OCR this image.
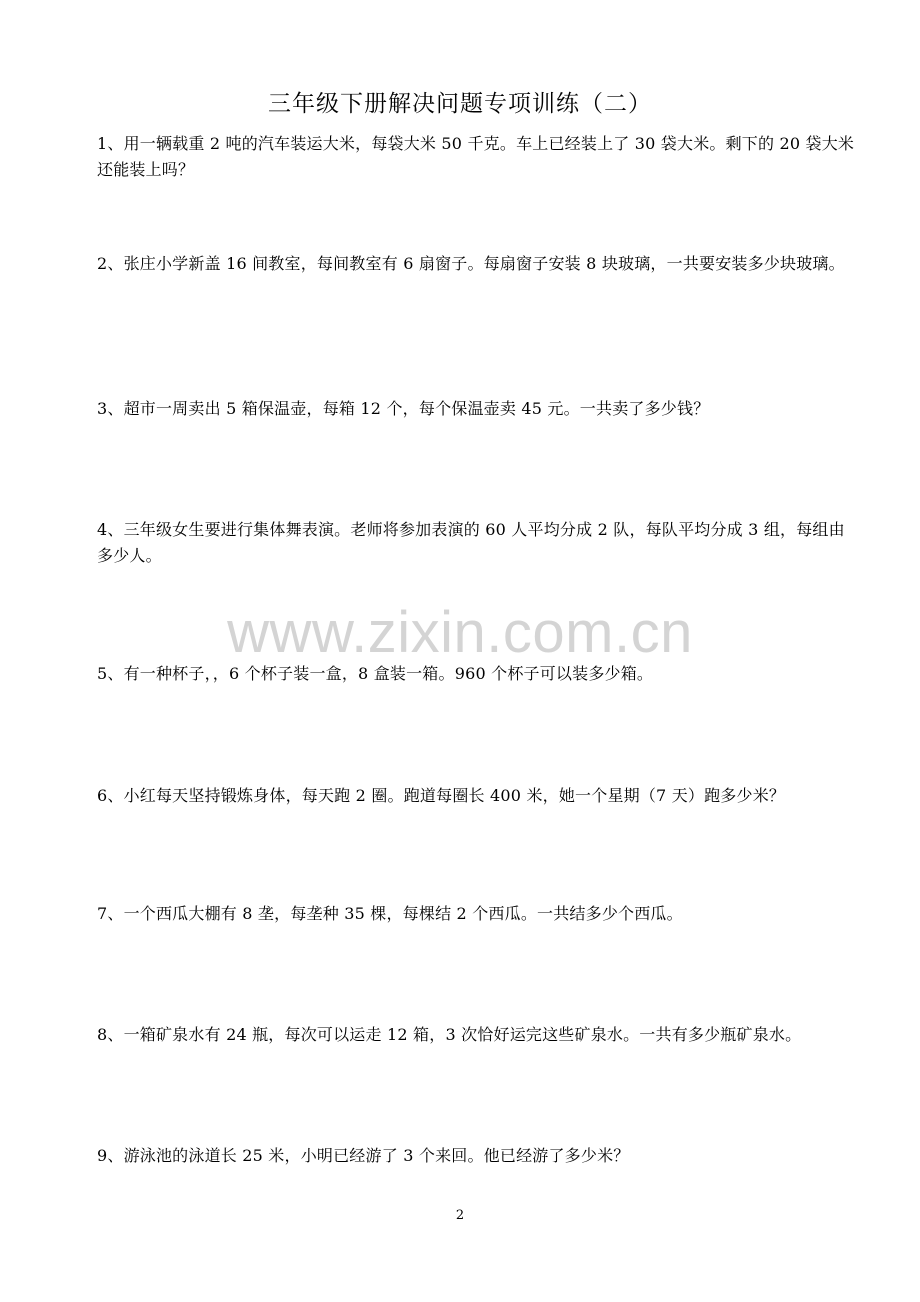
三年级下册解决问题专项训练（二）
1、用一辆载重 2 吨的汽车装运大米，每袋大米 50 千克。车上已经装上了 30 袋大米。剩下的 20 袋大米还能装上吗？
2、张庄小学新盖 16 间教室，每间教室有 6 扇窗子。每扇窗子安装 8 块玻璃，一共要安装多少块玻璃。
3、超市一周卖出 5 箱保温壶，每箱 12 个，每个保温壶卖 45 元。一共卖了多少钱？
4、三年级女生要进行集体舞表演。老师将参加表演的 60 人平均分成 2 队，每队平均分成 3 组，每组由多少人。
www.zixin.com.cn
5、有一种杯子，，6 个杯子装一盒，8 盒装一箱。960 个杯子可以装多少箱。
6、小红每天坚持锻炼身体，每天跑 2 圈。跑道每圈长 400 米，她一个星期（7 天）跑多少米？
7、一个西瓜大棚有 8 垄，每垄种 35 棵，每棵结 2 个西瓜。一共结多少个西瓜。
8、一箱矿泉水有 24 瓶，每次可以运走 12 箱，3 次恰好运完这些矿泉水。一共有多少瓶矿泉水。
9、游泳池的泳道长 25 米，小明已经游了 3 个来回。他已经游了多少米？
2
